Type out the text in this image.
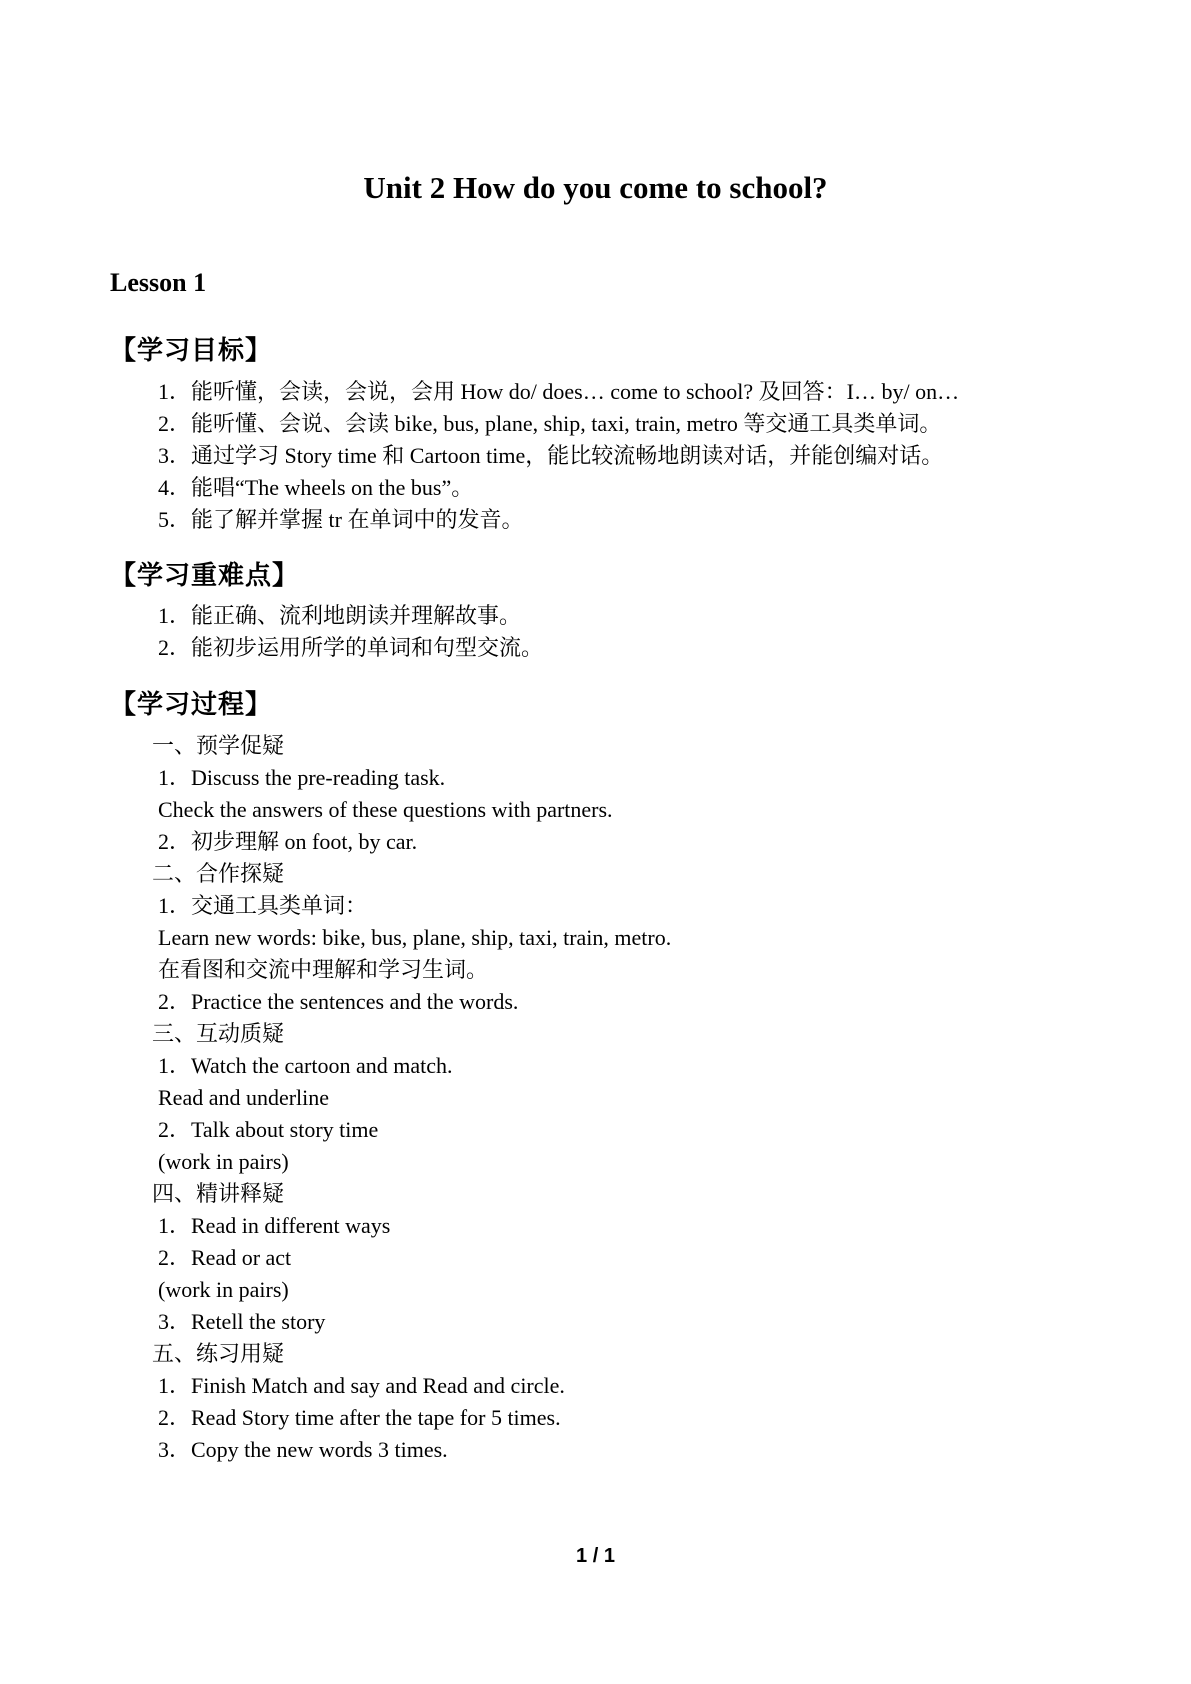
Unit 2 How do you come to school?
Lesson 1
【学习目标】
1．能听懂，会读，会说，会用 How do/ does… come to school? 及回答：I… by/ on…
2．能听懂、会说、会读 bike, bus, plane, ship, taxi, train, metro 等交通工具类单词。
3．通过学习 Story time 和 Cartoon time，能比较流畅地朗读对话，并能创编对话。
4．能唱“The wheels on the bus”。
5．能了解并掌握 tr 在单词中的发音。
【学习重难点】
1．能正确、流利地朗读并理解故事。
2．能初步运用所学的单词和句型交流。
【学习过程】
一、预学促疑
1．Discuss the pre-reading task.
Check the answers of these questions with partners.
2．初步理解 on foot, by car.
二、合作探疑
1．交通工具类单词：
Learn new words: bike, bus, plane, ship, taxi, train, metro.
在看图和交流中理解和学习生词。
2．Practice the sentences and the words.
三、互动质疑
1．Watch the cartoon and match.
Read and underline
2．Talk about story time
(work in pairs)
四、精讲释疑
1．Read in different ways
2．Read or act
(work in pairs)
3．Retell the story
五、练习用疑
1．Finish Match and say and Read and circle.
2．Read Story time after the tape for 5 times.
3．Copy the new words 3 times.
1 / 1
